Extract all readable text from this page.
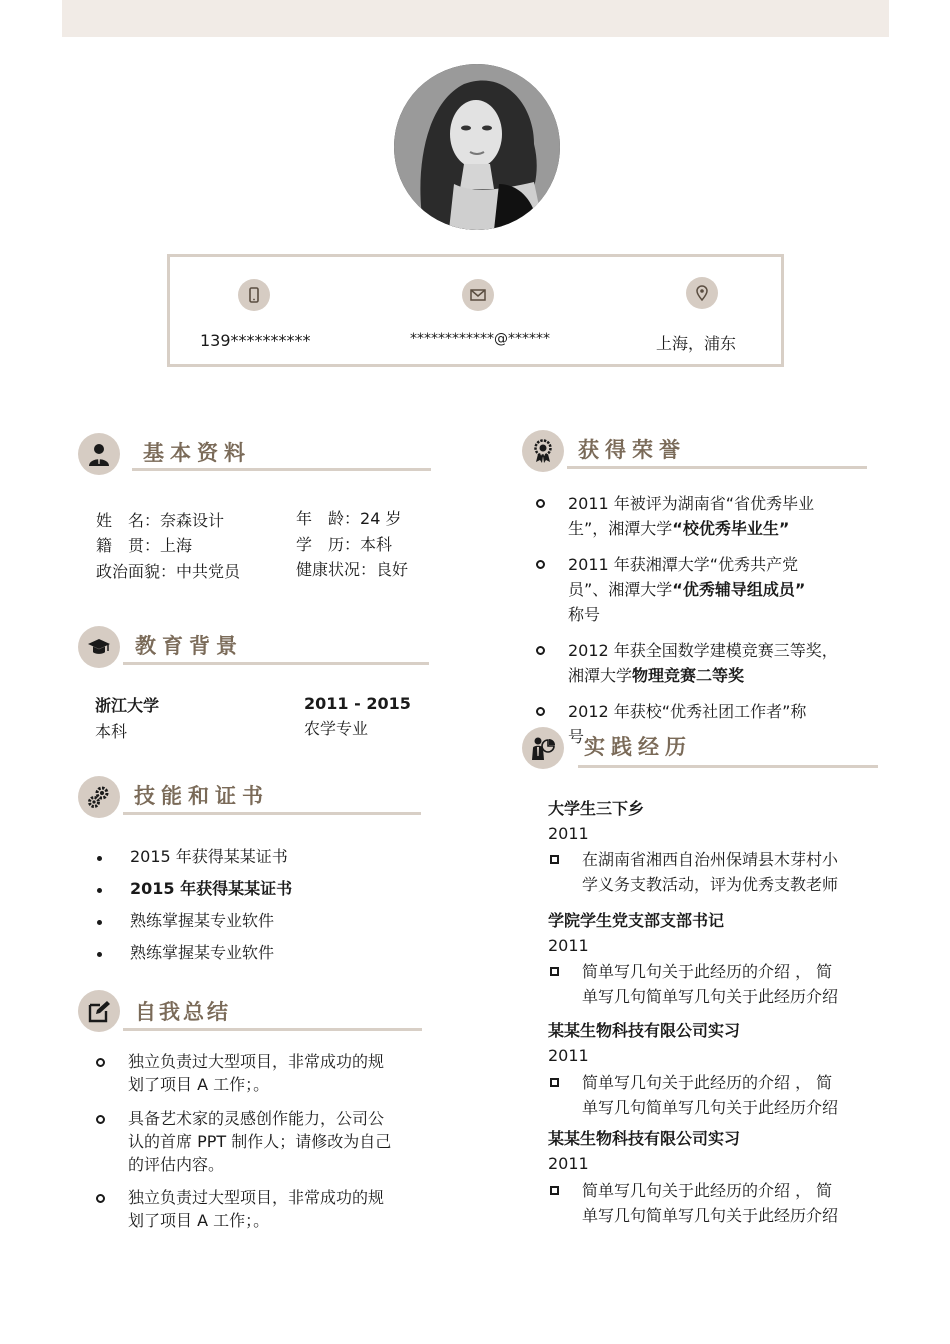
139**********	************@******	上海，浦东
基本资料
姓　名：奈森设计
籍　贯：上海
政治面貌：中共党员
年　龄：24 岁
学　历：本科
健康状况：良好
教育背景
浙江大学
本科
2011 - 2015
农学专业
技能和证书
2015 年获得某某证书
2015 年获得某某证书
熟练掌握某专业软件
熟练掌握某专业软件
自我总结
独立负责过大型项目，非常成功的规
划了项目 A 工作；。
具备艺术家的灵感创作能力，公司公
认的首席 PPT 制作人；请修改为自己
的评估内容。
独立负责过大型项目，非常成功的规
划了项目 A 工作；。
获得荣誉
2011 年被评为湖南省“省优秀毕业
生”，湘潭大学“校优秀毕业生”
2011 年获湘潭大学“优秀共产党
员”、湘潭大学“优秀辅导组成员”
称号
2012 年获全国数学建模竞赛三等奖，
湘潭大学物理竞赛二等奖
2012 年获校“优秀社团工作者”称
号 实践经历
大学生三下乡
2011
在湖南省湘西自治州保靖县木芽村小
学义务支教活动，评为优秀支教老师
学院学生党支部支部书记
2011
简单写几句关于此经历的介绍 ， 简
单写几句简单写几句关于此经历介绍
某某生物科技有限公司实习
2011
简单写几句关于此经历的介绍 ， 简
单写几句简单写几句关于此经历介绍
某某生物科技有限公司实习
2011
简单写几句关于此经历的介绍 ， 简
单写几句简单写几句关于此经历介绍
